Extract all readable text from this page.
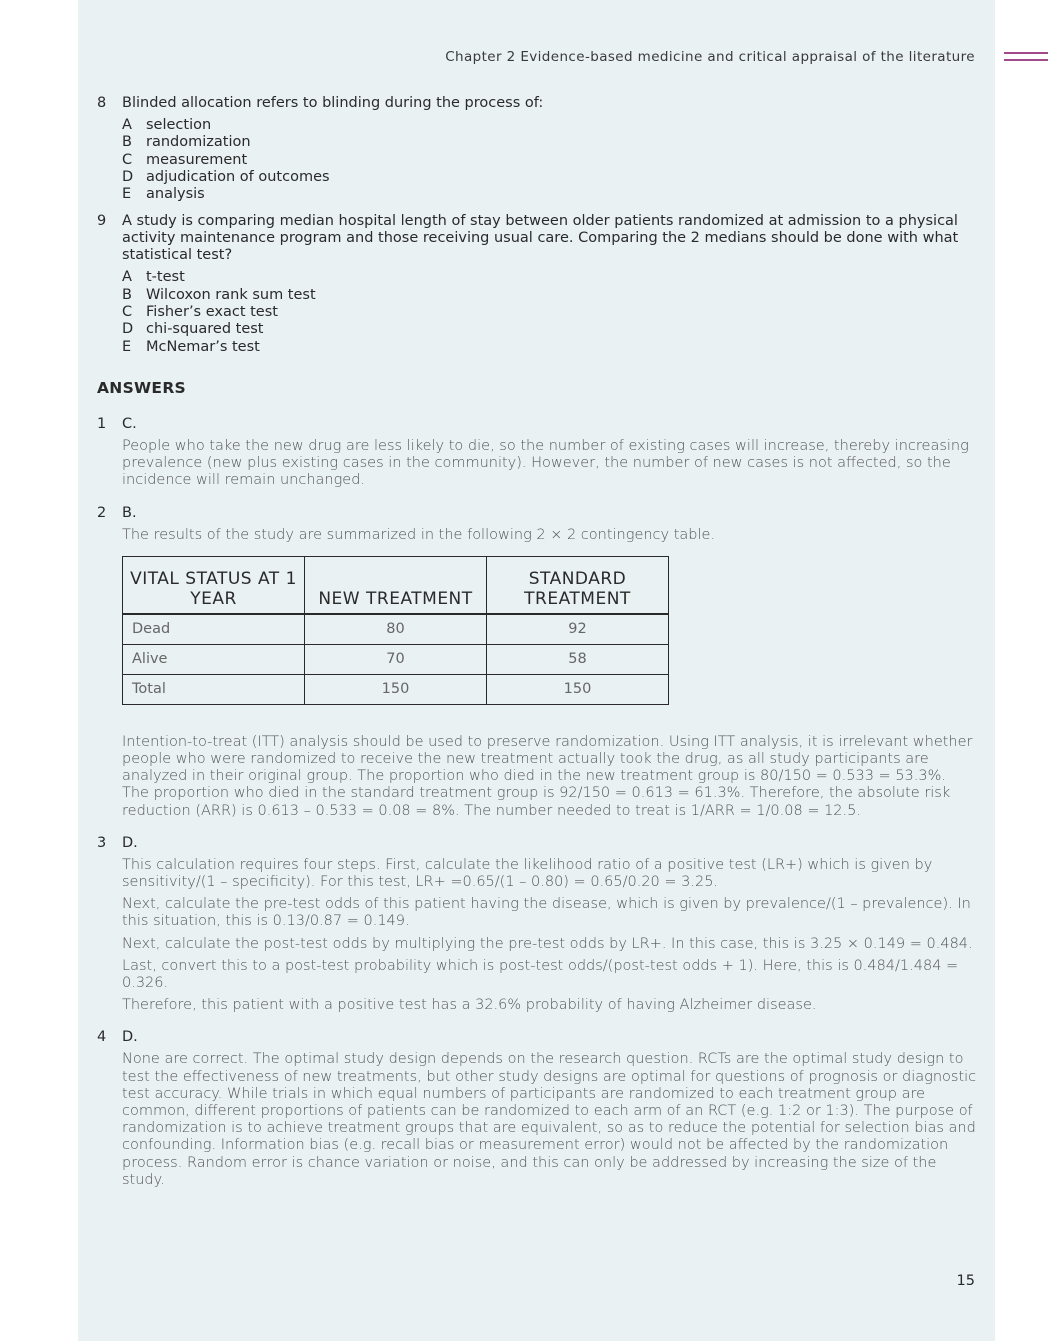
Chapter 2 Evidence-based medicine and critical appraisal of the literature
8	Blinded allocation refers to blinding during the process of:

A selection
B randomization
C measurement
D adjudication of outcomes
E	analysis
9	A study is comparing median hospital length of stay between older patients randomized at admission to a physical activity maintenance program and those receiving usual care. Comparing the 2 medians should be done with what statistical test?

A t-test
B Wilcoxon rank sum test
C Fisher’s exact test
D chi-squared test
E	McNemar’s test
ANSWERS
1	C.

People who take the new drug are less likely to die, so the number of existing cases will increase, thereby increasing prevalence (new plus existing cases in the community). However, the number of new cases is not affected, so the incidence will remain unchanged.

2	B.

The results of the study are summarized in the following 2 × 2 contingency table.

VITAL STATUS AT 1 YEAR	NEW TREATMENT	STANDARD TREATMENT
Dead	80	92
Alive	70	58
Total	150	150

Intention-to-treat (ITT) analysis should be used to preserve randomization. Using ITT analysis, it is irrelevant whether people who were randomized to receive the new treatment actually took the drug, as all study participants are analyzed in their original group. The proportion who died in the new treatment group is 80/150 = 0.533 = 53.3%. The proportion who died in the standard treatment group is 92/150 = 0.613 = 61.3%. Therefore, the absolute risk reduction (ARR) is 0.613 – 0.533 = 0.08 = 8%. The number needed to treat is 1/ARR = 1/0.08 = 12.5.

3	D.

This calculation requires four steps. First, calculate the likelihood ratio of a positive test (LR+) which is given by sensitivity/(1 – specificity). For this test, LR+ =0.65/(1 – 0.80) = 0.65/0.20 = 3.25.

Next, calculate the pre-test odds of this patient having the disease, which is given by prevalence/(1 – prevalence). In this situation, this is 0.13/0.87 = 0.149.

Next, calculate the post-test odds by multiplying the pre-test odds by LR+. In this case, this is 3.25 × 0.149 = 0.484.

Last, convert this to a post-test probability which is post-test odds/(post-test odds + 1). Here, this is 0.484/1.484 = 0.326.

Therefore, this patient with a positive test has a 32.6% probability of having Alzheimer disease.

4	D.

None are correct. The optimal study design depends on the research question. RCTs are the optimal study design to test the effectiveness of new treatments, but other study designs are optimal for questions of prognosis or diagnostic test accuracy. While trials in which equal numbers of participants are randomized to each treatment group are common, different proportions of patients can be randomized to each arm of an RCT (e.g. 1:2 or 1:3). The purpose of randomization is to achieve treatment groups that are equivalent, so as to reduce the potential for selection bias and confounding. Information bias (e.g. recall bias or measurement error) would not be affected by the randomization process. Random error is chance variation or noise, and this can only be addressed by increasing the size of the study.

15
